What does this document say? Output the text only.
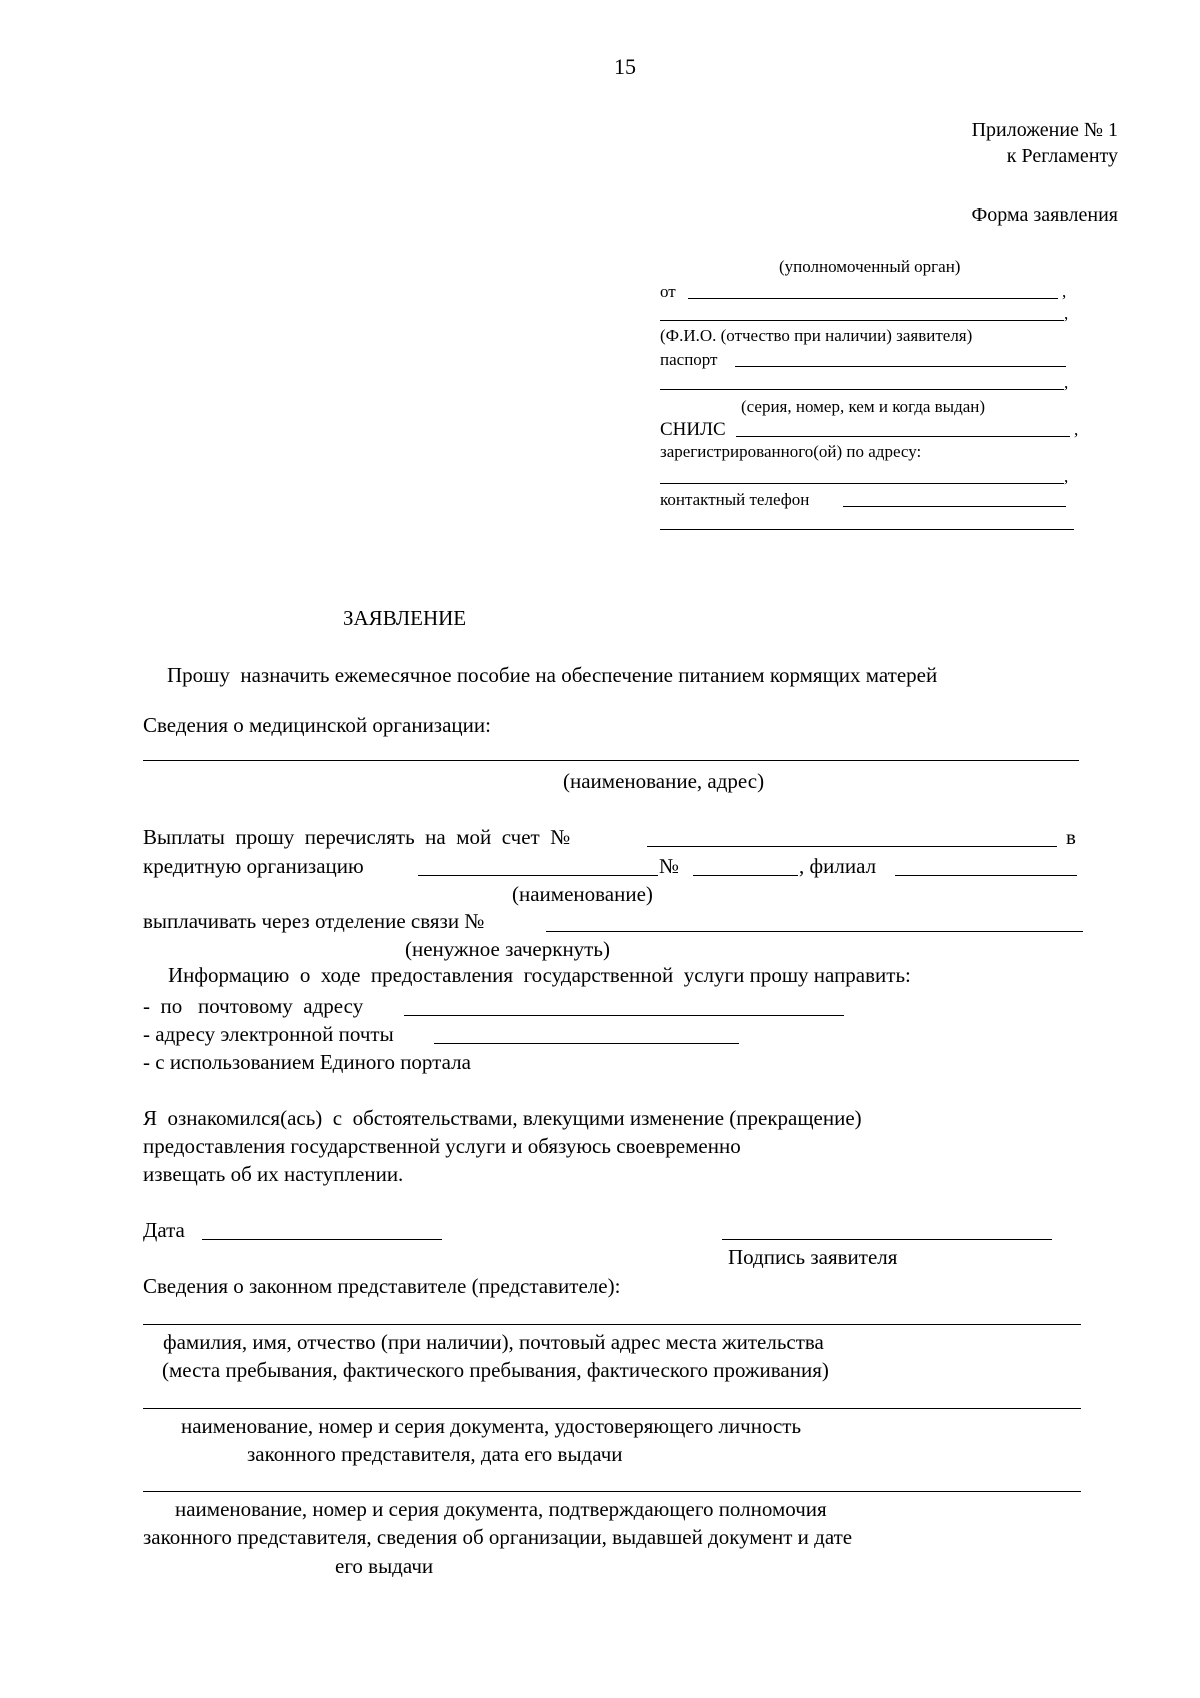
15
Приложение № 1
к Регламенту
Форма заявления
(уполномоченный орган)
от	,
,
(Ф.И.О. (отчество при наличии) заявителя)
паспорт
,
(серия, номер, кем и когда выдан)
СНИЛС	,
зарегистрированного(ой) по адресу:
,
контактный телефон
ЗАЯВЛЕНИЕ
Прошу  назначить ежемесячное пособие на обеспечение питанием кормящих матерей
Сведения о медицинской организации:
(наименование, адрес)
Выплаты  прошу  перечислять  на  мой  счет  №	в
кредитную организацию	№	, филиал
(наименование)
выплачивать через отделение связи №
(ненужное зачеркнуть)
Информацию  о  ходе  предоставления  государственной  услуги прошу направить:
-  по   почтовому  адресу
- адресу электронной почты
- с использованием Единого портала
Я  ознакомился(ась)  с  обстоятельствами, влекущими изменение (прекращение)
предоставления государственной услуги и обязуюсь своевременно
извещать об их наступлении.
Дата
Подпись заявителя
Сведения о законном представителе (представителе):
фамилия, имя, отчество (при наличии), почтовый адрес места жительства
(места пребывания, фактического пребывания, фактического проживания)
наименование, номер и серия документа, удостоверяющего личность
законного представителя, дата его выдачи
наименование, номер и серия документа, подтверждающего полномочия
законного представителя, сведения об организации, выдавшей документ и дате
его выдачи
